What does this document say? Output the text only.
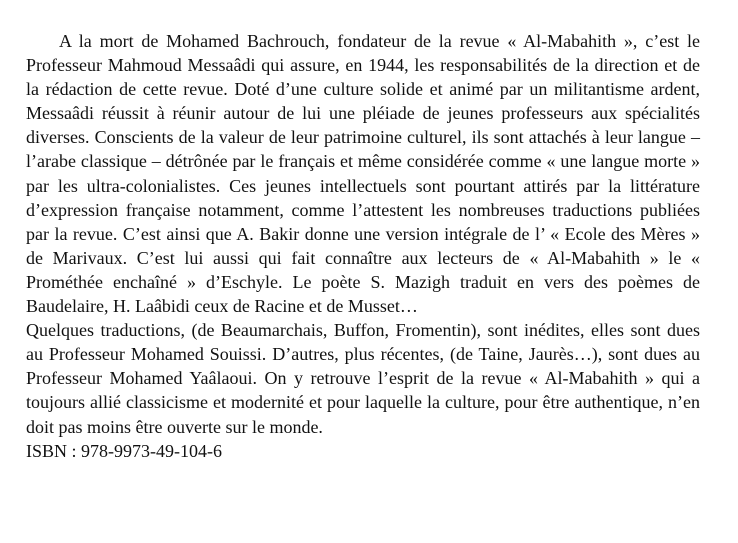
A la mort de Mohamed Bachrouch, fondateur de la revue « Al-Mabahith », c’est le Professeur Mahmoud Messaâdi qui assure, en 1944, les responsabilités de la direction et de la rédaction de cette revue. Doté d’une culture solide et animé par un militantisme ardent, Messaâdi réussit à réunir autour de lui une pléiade de jeunes professeurs aux spécialités diverses. Conscients de la valeur de leur patrimoine culturel, ils sont attachés à leur langue – l’arabe classique – détrônée par le français et même considérée comme « une langue morte » par les ultra-colonialistes. Ces jeunes intellectuels sont pourtant attirés par la littérature d’expression française notamment, comme l’attestent les nombreuses traductions publiées par la revue. C’est ainsi que A. Bakir donne une version intégrale de l’ « Ecole des Mères » de Marivaux. C’est lui aussi qui fait connaître aux lecteurs de « Al-Mabahith » le « Prométhée enchaîné » d’Eschyle. Le poète S. Mazigh traduit en vers des poèmes de Baudelaire, H. Laâbidi ceux de Racine et de Musset…

Quelques traductions, (de Beaumarchais, Buffon, Fromentin), sont inédites, elles sont dues au Professeur Mohamed Souissi. D’autres, plus récentes, (de Taine, Jaurès…), sont dues au Professeur Mohamed Yaâlaoui. On y retrouve l’esprit de la revue « Al-Mabahith » qui a toujours allié classicisme et modernité et pour laquelle la culture, pour être authentique, n’en doit pas moins être ouverte sur le monde.

ISBN : 978-9973-49-104-6
